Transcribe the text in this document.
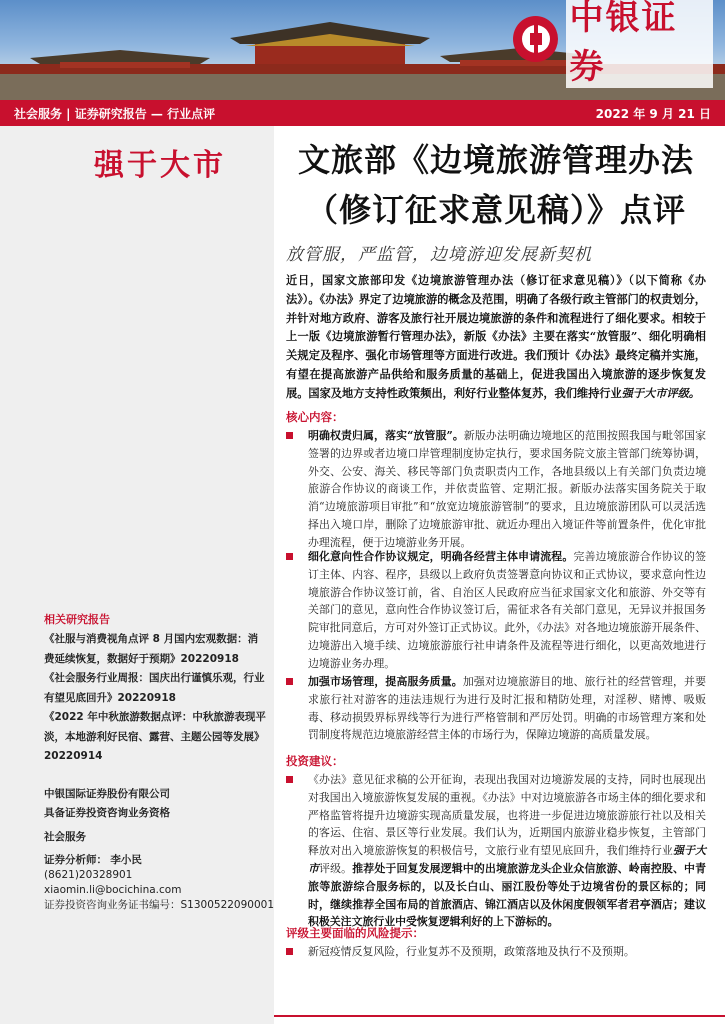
中银证券
社会服务 | 证券研究报告 — 行业点评	2022 年 9 月 21 日
强于大市
相关研究报告
《社服与消费视角点评 8 月国内宏观数据：消费延续恢复，数据好于预期》20220918
《社会服务行业周报：国庆出行谨慎乐观，行业有望见底回升》20220918
《2022 年中秋旅游数据点评：中秋旅游表现平淡，本地游利好民宿、露营、主题公园等发展》20220914
中银国际证券股份有限公司
具备证券投资咨询业务资格
社会服务
证券分析师： 李小民
(8621)20328901
xiaomin.li@bocichina.com
证券投资咨询业务证书编号：S1300522090001
文旅部《边境旅游管理办法
（修订征求意见稿）》点评
放管服，严监管，边境游迎发展新契机
近日，国家文旅部印发《边境旅游管理办法（修订征求意见稿）》（以下简称《办法》）。《办法》界定了边境旅游的概念及范围，明确了各级行政主管部门的权责划分，并针对地方政府、游客及旅行社开展边境旅游的条件和流程进行了细化要求。相较于上一版《边境旅游暂行管理办法》，新版《办法》主要在落实“放管服”、细化明确相关规定及程序、强化市场管理等方面进行改进。我们预计《办法》最终定稿并实施，有望在提高旅游产品供给和服务质量的基础上，促进我国出入境旅游的逐步恢复发展。国家及地方支持性政策频出，利好行业整体复苏，我们维持行业强于大市评级。
核心内容：
明确权责归属，落实“放管服”。新版办法明确边境地区的范围按照我国与毗邻国家签署的边界或者边境口岸管理制度协定执行，要求国务院文旅主管部门统筹协调，外交、公安、海关、移民等部门负责职责内工作，各地县级以上有关部门负责边境旅游合作协议的商谈工作，并依责监管、定期汇报。新版办法落实国务院关于取消“边境旅游项目审批”和“放宽边境旅游管制”的要求，且边境旅游团队可以灵活选择出入境口岸，删除了边境旅游审批、就近办理出入境证件等前置条件，优化审批办理流程，便于边境游业务开展。
细化意向性合作协议规定，明确各经营主体申请流程。完善边境旅游合作协议的签订主体、内容、程序，县级以上政府负责签署意向协议和正式协议，要求意向性边境旅游合作协议签订前，省、自治区人民政府应当征求国家文化和旅游、外交等有关部门的意见，意向性合作协议签订后，需征求各有关部门意见，无异议并报国务院审批同意后，方可对外签订正式协议。此外，《办法》对各地边境旅游开展条件、边境游出入境手续、边境旅游旅行社申请条件及流程等进行细化，以更高效地进行边境游业务办理。
加强市场管理，提高服务质量。加强对边境旅游目的地、旅行社的经营管理，并要求旅行社对游客的违法违规行为进行及时汇报和精防处理，对淫秽、赌博、吸贩毒、移动损毁界标界线等行为进行严格管制和严厉处罚。明确的市场管理方案和处罚制度将规范边境旅游经营主体的市场行为，保障边境游的高质量发展。
投资建议：
《办法》意见征求稿的公开征询，表现出我国对边境游发展的支持，同时也展现出对我国出入境旅游恢复发展的重视。《办法》中对边境旅游各市场主体的细化要求和严格监管将提升边境游实现高质量发展，也将进一步促进边境旅游旅行社以及相关的客运、住宿、景区等行业发展。我们认为，近期国内旅游业稳步恢复，主管部门释放对出入境旅游恢复的积极信号，文旅行业有望见底回升，我们维持行业强于大市评级。推荐处于回复发展逻辑中的出境旅游龙头企业众信旅游、岭南控股、中青旅等旅游综合服务标的，以及长白山、丽江股份等处于边境省份的景区标的；同时，继续推荐全国布局的首旅酒店、锦江酒店以及休闲度假领军者君亭酒店；建议积极关注文旅行业中受恢复逻辑利好的上下游标的。
评级主要面临的风险提示：
新冠疫情反复风险，行业复苏不及预期，政策落地及执行不及预期。
